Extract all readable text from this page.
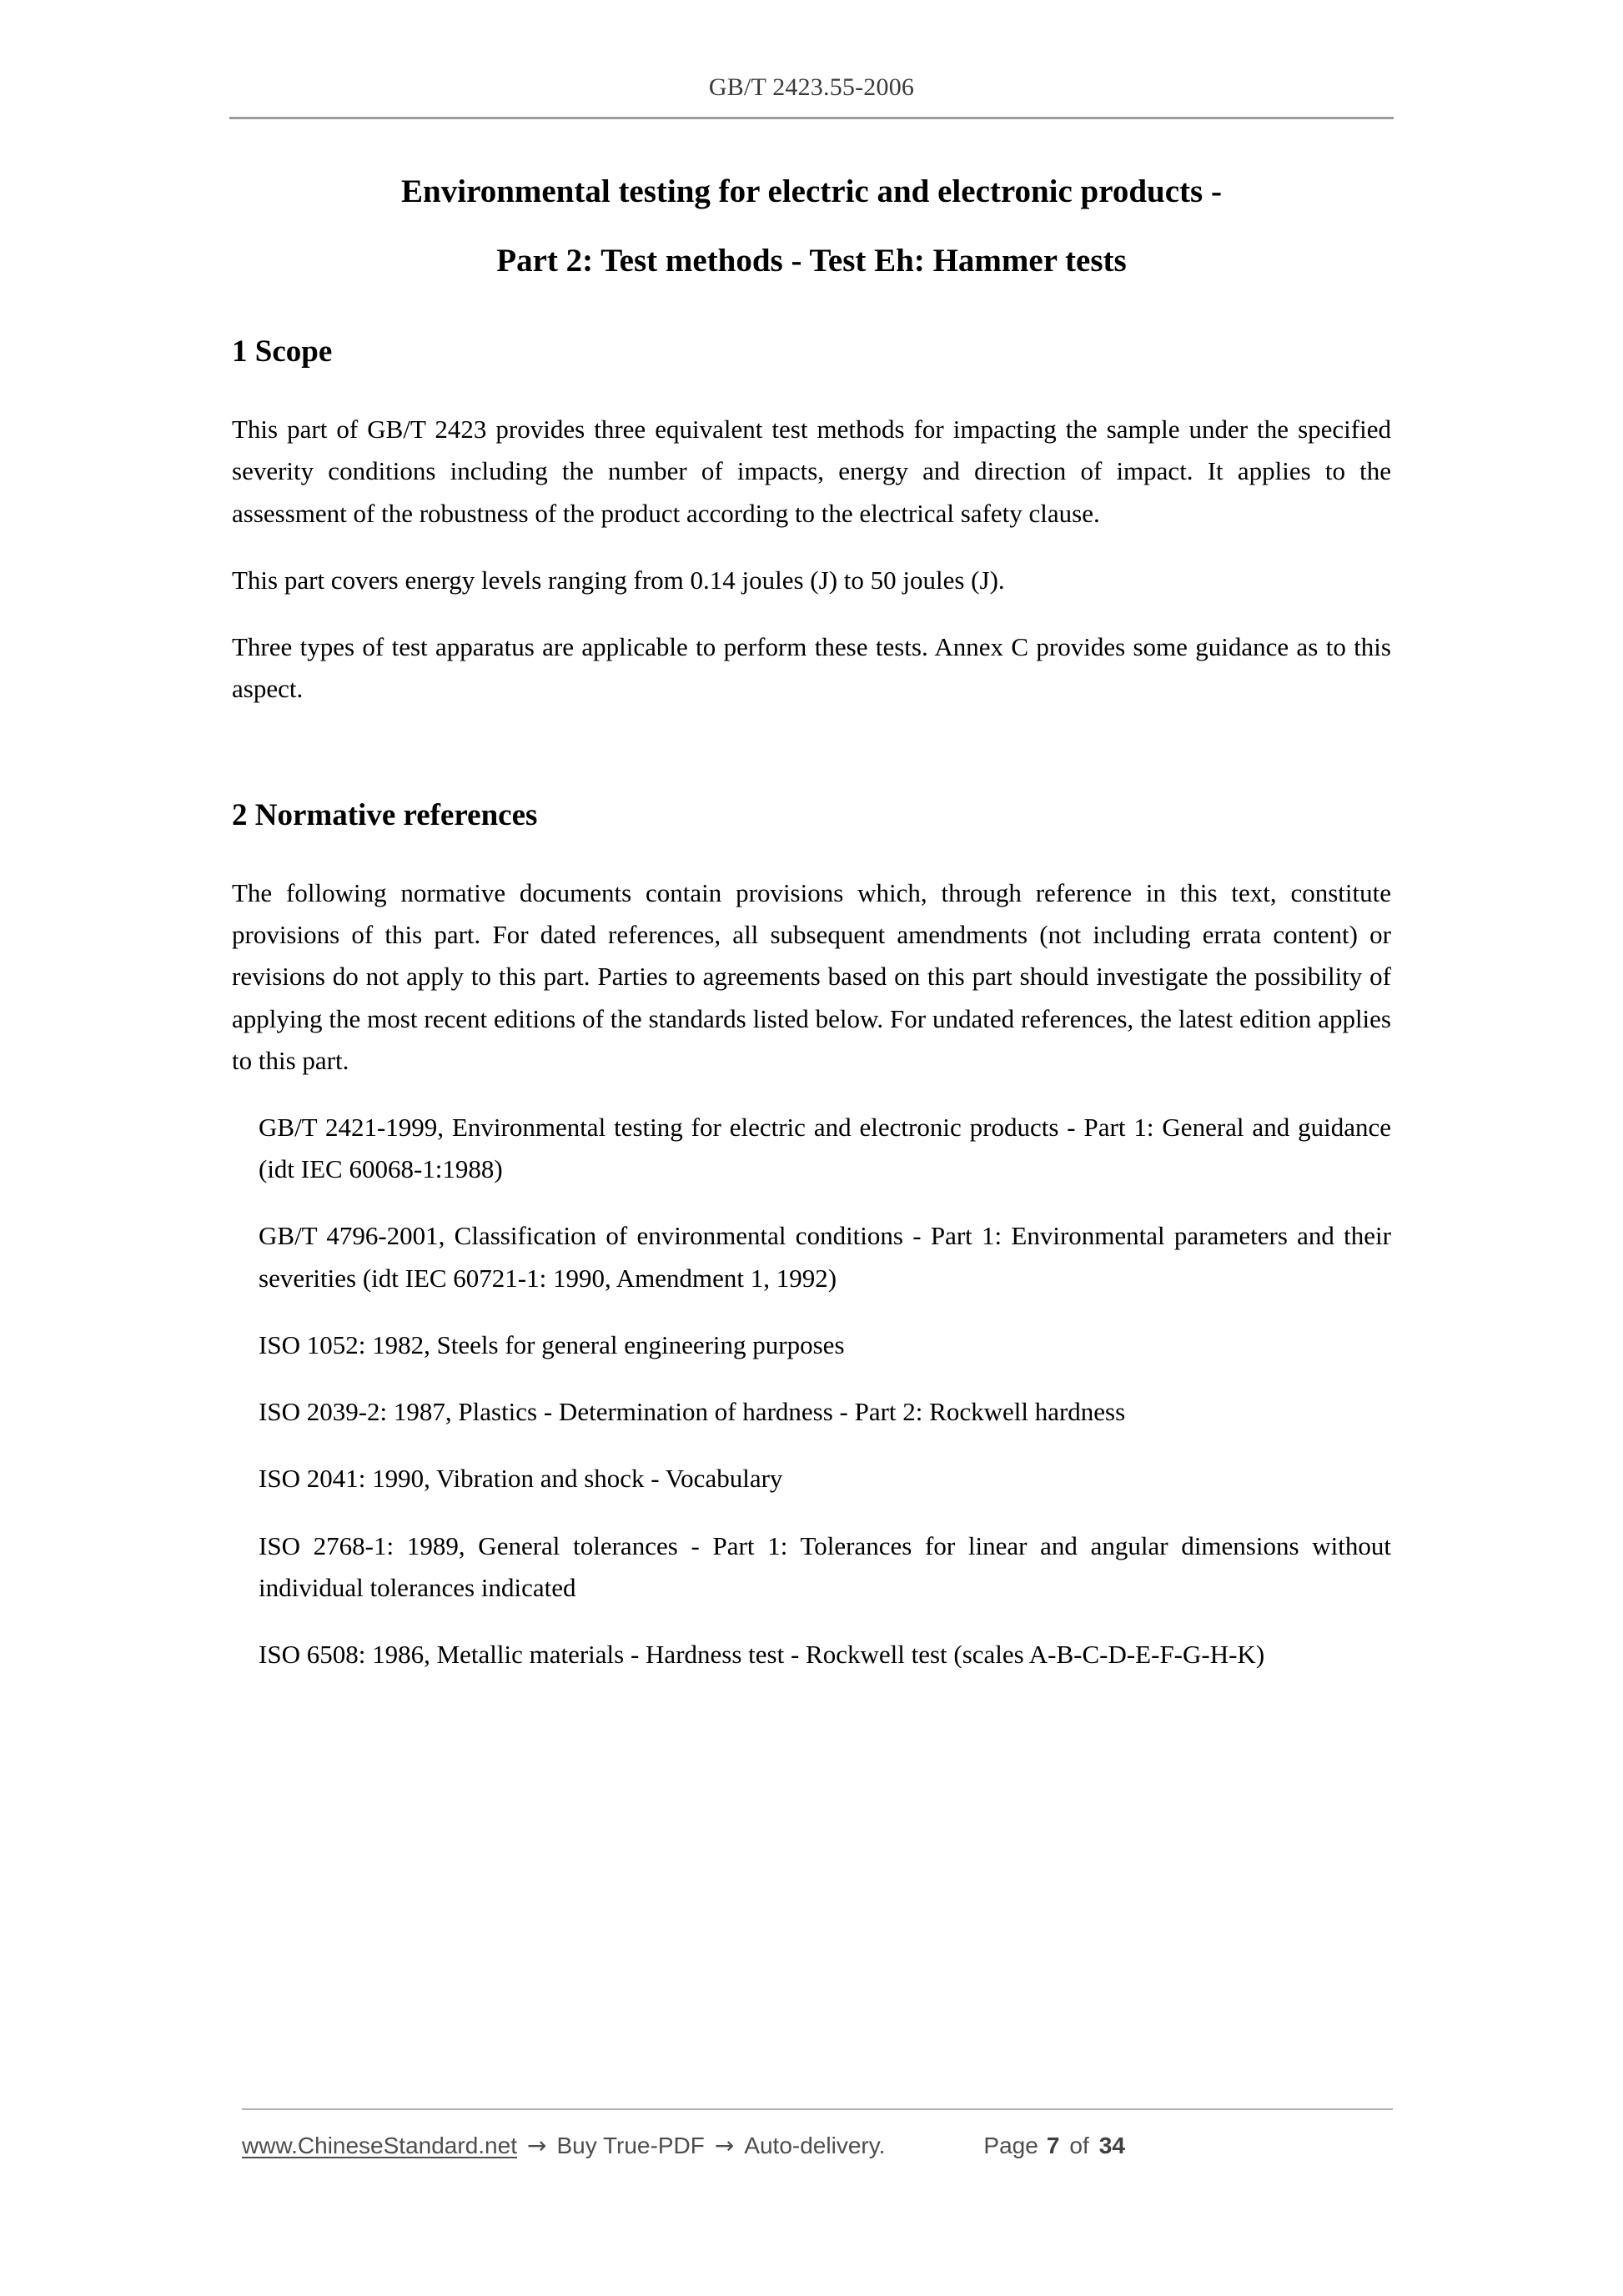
GB/T 2423.55-2006
Environmental testing for electric and electronic products -
Part 2: Test methods - Test Eh: Hammer tests
1 Scope

This part of GB/T 2423 provides three equivalent test methods for impacting the sample under the specified severity conditions including the number of impacts, energy and direction of impact. It applies to the assessment of the robustness of the product according to the electrical safety clause.

This part covers energy levels ranging from 0.14 joules (J) to 50 joules (J).

Three types of test apparatus are applicable to perform these tests. Annex C provides some guidance as to this aspect.

2 Normative references

The following normative documents contain provisions which, through reference in this text, constitute provisions of this part. For dated references, all subsequent amendments (not including errata content) or revisions do not apply to this part. Parties to agreements based on this part should investigate the possibility of applying the most recent editions of the standards listed below. For undated references, the latest edition applies to this part.

GB/T 2421-1999, Environmental testing for electric and electronic products - Part 1: General and guidance (idt IEC 60068-1:1988)

GB/T 4796-2001, Classification of environmental conditions - Part 1: Environmental parameters and their severities (idt IEC 60721-1: 1990, Amendment 1, 1992)

ISO 1052: 1982, Steels for general engineering purposes

ISO 2039-2: 1987, Plastics - Determination of hardness - Part 2: Rockwell hardness

ISO 2041: 1990, Vibration and shock - Vocabulary

ISO 2768-1: 1989, General tolerances - Part 1: Tolerances for linear and angular dimensions without individual tolerances indicated

ISO 6508: 1986, Metallic materials - Hardness test - Rockwell test (scales A-B-C-D-E-F-G-H-K)

www.ChineseStandard.net → Buy True-PDF → Auto-delivery.	Page 7 of 34
